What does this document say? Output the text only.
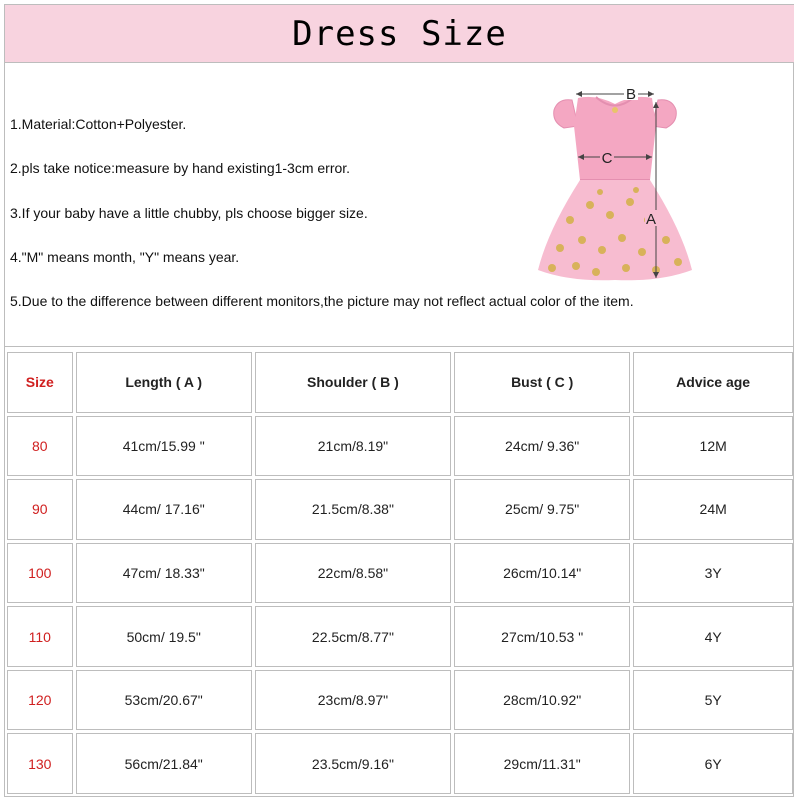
Dress Size
1.Material:Cotton+Polyester.
2.pls take notice:measure by hand existing1-3cm error.
3.If your baby have a little chubby, pls choose bigger size.
4."M" means month, "Y" means year.
5.Due to the difference between different monitors,the picture may not reflect actual color of the item.
B
C
A
Size	Length ( A )	Shoulder ( B )	Bust ( C )	Advice age
80	41cm/15.99 "	21cm/8.19"	24cm/ 9.36"	12M
90	44cm/ 17.16"	21.5cm/8.38"	25cm/ 9.75"	24M
100	47cm/ 18.33"	22cm/8.58"	26cm/10.14"	3Y
110	50cm/ 19.5"	22.5cm/8.77"	27cm/10.53 "	4Y
120	53cm/20.67"	23cm/8.97"	28cm/10.92"	5Y
130	56cm/21.84"	23.5cm/9.16"	29cm/11.31"	6Y
